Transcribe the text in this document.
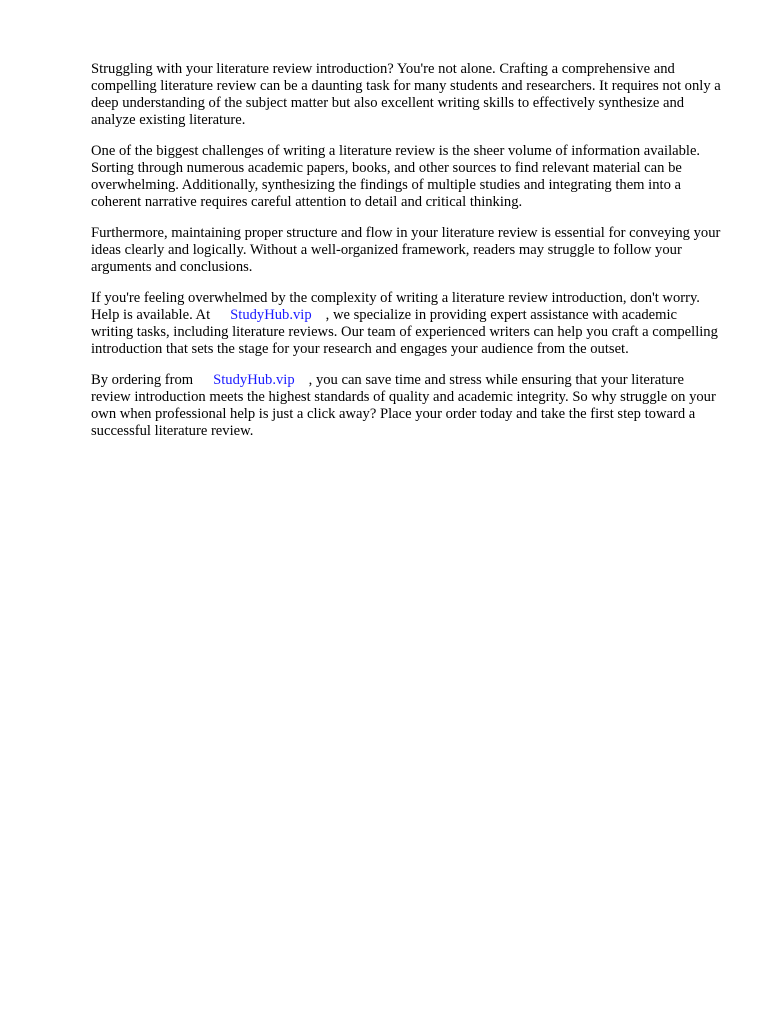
Struggling with your literature review introduction? You're not alone. Crafting a comprehensive and compelling literature review can be a daunting task for many students and researchers. It requires not only a deep understanding of the subject matter but also excellent writing skills to effectively synthesize and analyze existing literature.

One of the biggest challenges of writing a literature review is the sheer volume of information available. Sorting through numerous academic papers, books, and other sources to find relevant material can be overwhelming. Additionally, synthesizing the findings of multiple studies and integrating them into a coherent narrative requires careful attention to detail and critical thinking.

Furthermore, maintaining proper structure and flow in your literature review is essential for conveying your ideas clearly and logically. Without a well-organized framework, readers may struggle to follow your arguments and conclusions.

If you're feeling overwhelmed by the complexity of writing a literature review introduction, don't worry. Help is available. At StudyHub.vip , we specialize in providing expert assistance with academic writing tasks, including literature reviews. Our team of experienced writers can help you craft a compelling introduction that sets the stage for your research and engages your audience from the outset.

By ordering from StudyHub.vip , you can save time and stress while ensuring that your literature review introduction meets the highest standards of quality and academic integrity. So why struggle on your own when professional help is just a click away? Place your order today and take the first step toward a successful literature review.
